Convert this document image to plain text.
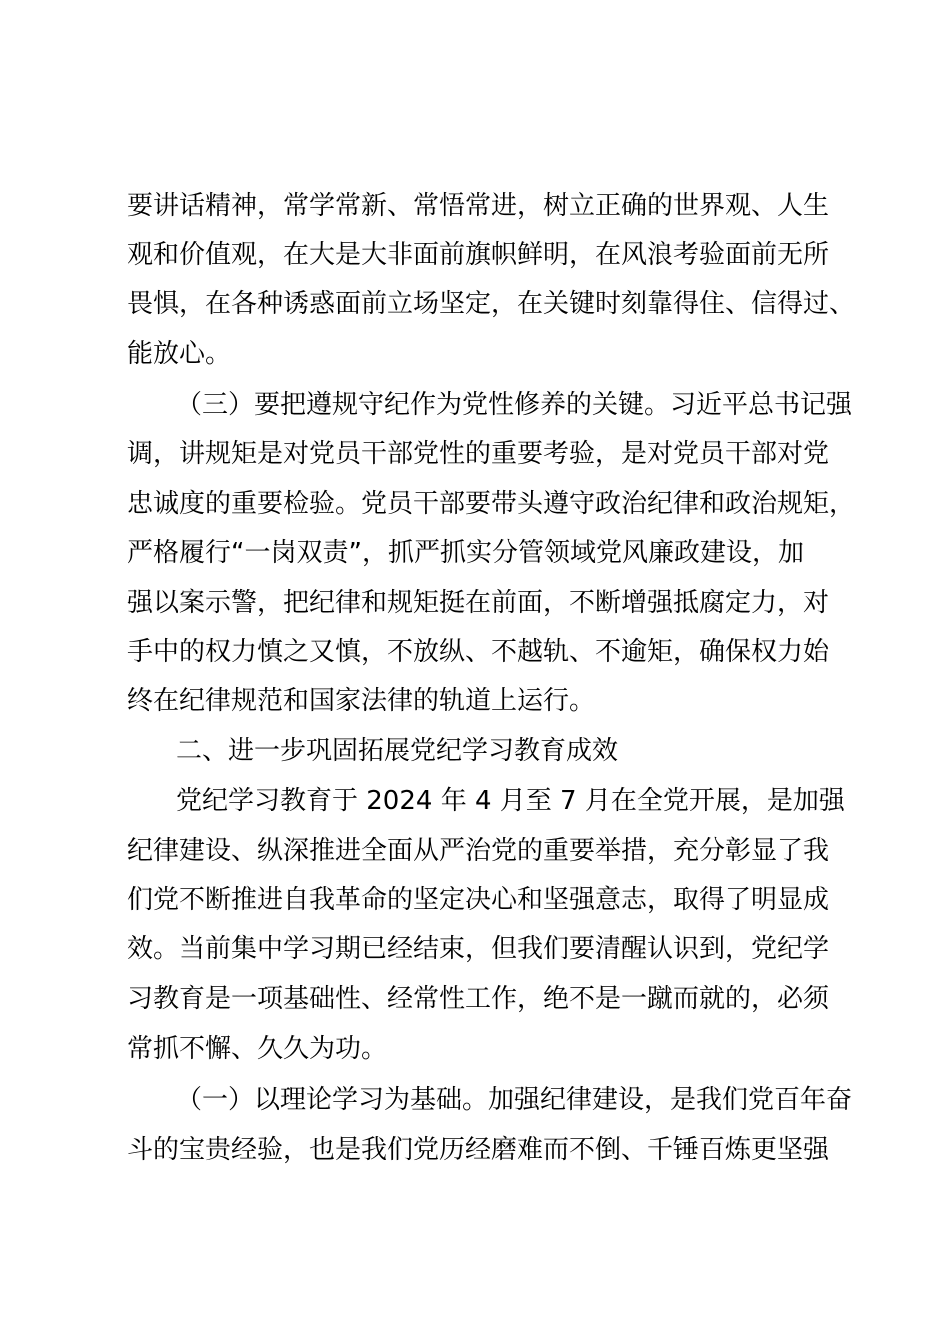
要讲话精神，常学常新、常悟常进，树立正确的世界观、人生
观和价值观，在大是大非面前旗帜鲜明，在风浪考验面前无所
畏惧，在各种诱惑面前立场坚定，在关键时刻靠得住、信得过、
能放心。
（三）要把遵规守纪作为党性修养的关键。习近平总书记强
调，讲规矩是对党员干部党性的重要考验，是对党员干部对党
忠诚度的重要检验。党员干部要带头遵守政治纪律和政治规矩，
严格履行“一岗双责”，抓严抓实分管领域党风廉政建设，加
强以案示警，把纪律和规矩挺在前面，不断增强抵腐定力，对
手中的权力慎之又慎，不放纵、不越轨、不逾矩，确保权力始
终在纪律规范和国家法律的轨道上运行。
二、进一步巩固拓展党纪学习教育成效
党纪学习教育于 2024 年 4 月至 7 月在全党开展，是加强
纪律建设、纵深推进全面从严治党的重要举措，充分彰显了我
们党不断推进自我革命的坚定决心和坚强意志，取得了明显成
效。当前集中学习期已经结束，但我们要清醒认识到，党纪学
习教育是一项基础性、经常性工作，绝不是一蹴而就的，必须
常抓不懈、久久为功。
（一）以理论学习为基础。加强纪律建设，是我们党百年奋
斗的宝贵经验，也是我们党历经磨难而不倒、千锤百炼更坚强
